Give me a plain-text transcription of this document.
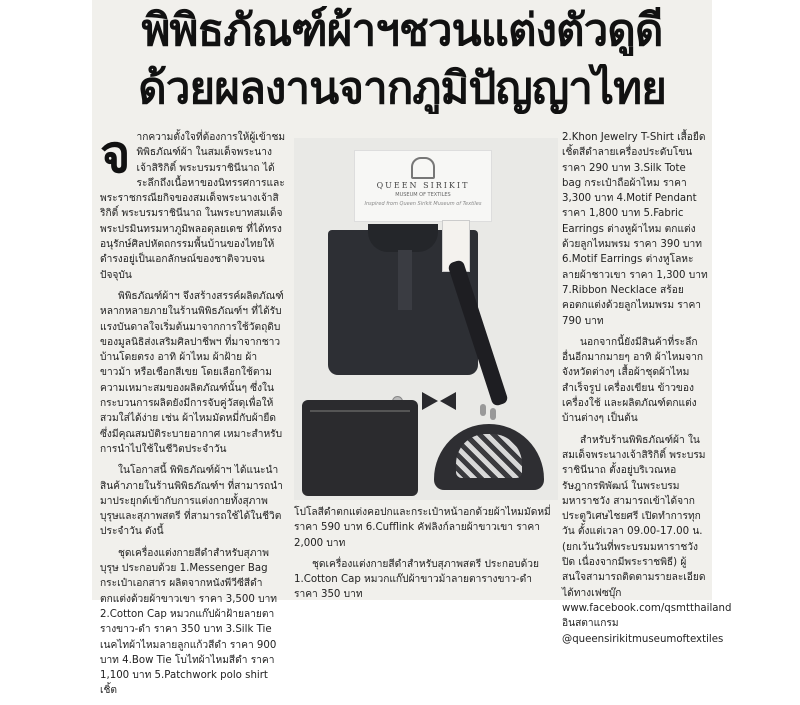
พิพิธภัณฑ์ผ้าฯชวนแต่งตัวดูดี
ด้วยผลงานจากภูมิปัญญาไทย
จ ากความตั้งใจที่ต้องการให้ผู้เข้าชม พิพิธภัณฑ์ผ้า ในสมเด็จพระนางเจ้าสิริกิติ์ พระบรมราชินีนาถ ได้ระลึกถึงเนื้อหาของนิทรรศการและพระราชกรณียกิจของสมเด็จพระนางเจ้าสิริกิติ์ พระบรมราชินีนาถ ในพระบาทสมเด็จพระปรมินทรมหาภูมิพลอดุลยเดช ที่ได้ทรงอนุรักษ์ศิลปหัตถกรรมพื้นบ้านของไทยให้ดำรงอยู่เป็นเอกลักษณ์ของชาติจวบจนปัจจุบัน

พิพิธภัณฑ์ผ้าฯ จึงสร้างสรรค์ผลิตภัณฑ์หลากหลายภายในร้านพิพิธภัณฑ์ฯ ที่ได้รับแรงบันดาลใจเริ่มต้นมาจากการใช้วัตถุดิบของมูลนิธิส่งเสริมศิลปาชีพฯ ที่มาจากชาวบ้านโดยตรง อาทิ ผ้าไหม ผ้าฝ้าย ผ้าขาวม้า หรือเชือกสีเขย โดยเลือกใช้ตามความเหมาะสมของผลิตภัณฑ์นั้นๆ ซึ่งในกระบวนการผลิตยังมีการจับคู่วัสดุเพื่อให้สวมใส่ได้ง่าย เช่น ผ้าไหมมัดหมี่กับผ้ายืด ซึ่งมีคุณสมบัติระบายอากาศ เหมาะสำหรับการนำไปใช้ในชีวิตประจำวัน

ในโอกาสนี้ พิพิธภัณฑ์ผ้าฯ ได้แนะนำสินค้าภายในร้านพิพิธภัณฑ์ฯ ที่สามารถนำมาประยุกต์เข้ากับการแต่งกายทั้งสุภาพบุรุษและสุภาพสตรี ที่สามารถใช้ได้ในชีวิตประจำวัน ดังนี้

ชุดเครื่องแต่งกายสีดำสำหรับสุภาพบุรุษ ประกอบด้วย 1.Messenger Bag กระเป๋าเอกสาร ผลิตจากหนังพีวีซีสีดำ ตกแต่งด้วยผ้าขาวเขา ราคา 3,500 บาท 2.Cotton Cap หมวกแก๊ปผ้าฝ้ายลายตารางขาว-ดำ ราคา 350 บาท 3.Silk Tie เนคไทผ้าไหมลายลูกแก้วสีดำ ราคา 900 บาท 4.Bow Tie โบไทผ้าไหมสีดำ ราคา 1,100 บาท 5.Patchwork polo shirt เชิ้ต

QUEEN SIRIKIT
MUSEUM OF TEXTILES
Inspired from Queen Sirikit Museum of Textiles

โปโลสีดำตกแต่งคอปกและกระเป๋าหน้าอกด้วยผ้าไหมมัดหมี่ ราคา 590 บาท 6.Cufflink คัฟลิงก์ลายผ้าขาวเขา ราคา 2,000 บาท

ชุดเครื่องแต่งกายสีดำสำหรับสุภาพสตรี ประกอบด้วย 1.Cotton Cap หมวกแก๊ปผ้าขาวม้าลายตารางขาว-ดำ ราคา 350 บาท

2.Khon Jewelry T-Shirt เสื้อยืด เชิ้ตสีดำลายเครื่องประดับโขน ราคา 290 บาท 3.Silk Tote bag กระเป๋าถือผ้าไหม ราคา 3,300 บาท 4.Motif Pendant ราคา 1,800 บาท 5.Fabric Earrings ต่างหูผ้าไหม ตกแต่งด้วยลูกไหมพรม ราคา 390 บาท 6.Motif Earrings ต่างหูโลหะลายผ้าชาวเขา ราคา 1,300 บาท 7.Ribbon Necklace สร้อยคอตกแต่งด้วยลูกไหมพรม ราคา 790 บาท

นอกจากนี้ยังมีสินค้าที่ระลึกอื่นอีกมากมายๆ อาทิ ผ้าไหมจากจังหวัดต่างๆ เสื้อผ้าชุดผ้าไหมสำเร็จรูป เครื่องเขียน ข้าวของเครื่องใช้ และผลิตภัณฑ์ตกแต่งบ้านต่างๆ เป็นต้น

สำหรับร้านพิพิธภัณฑ์ผ้า ในสมเด็จพระนางเจ้าสิริกิติ์ พระบรมราชินีนาถ ตั้งอยู่บริเวณหอรัษฎากรพิพัฒน์ ในพระบรมมหาราชวัง สามารถเข้าได้จากประตูวิเศษไชยศรี เปิดทำการทุกวัน ตั้งแต่เวลา 09.00-17.00 น. (ยกเว้นวันที่พระบรมมหาราชวังปิด เนื่องจากมีพระราชพิธี) ผู้สนใจสามารถติดตามรายละเอียดได้ทางเฟซบุ๊ก www.facebook.com/qsmtthailand อินสตาแกรม @queensirikitmuseumoftextiles
